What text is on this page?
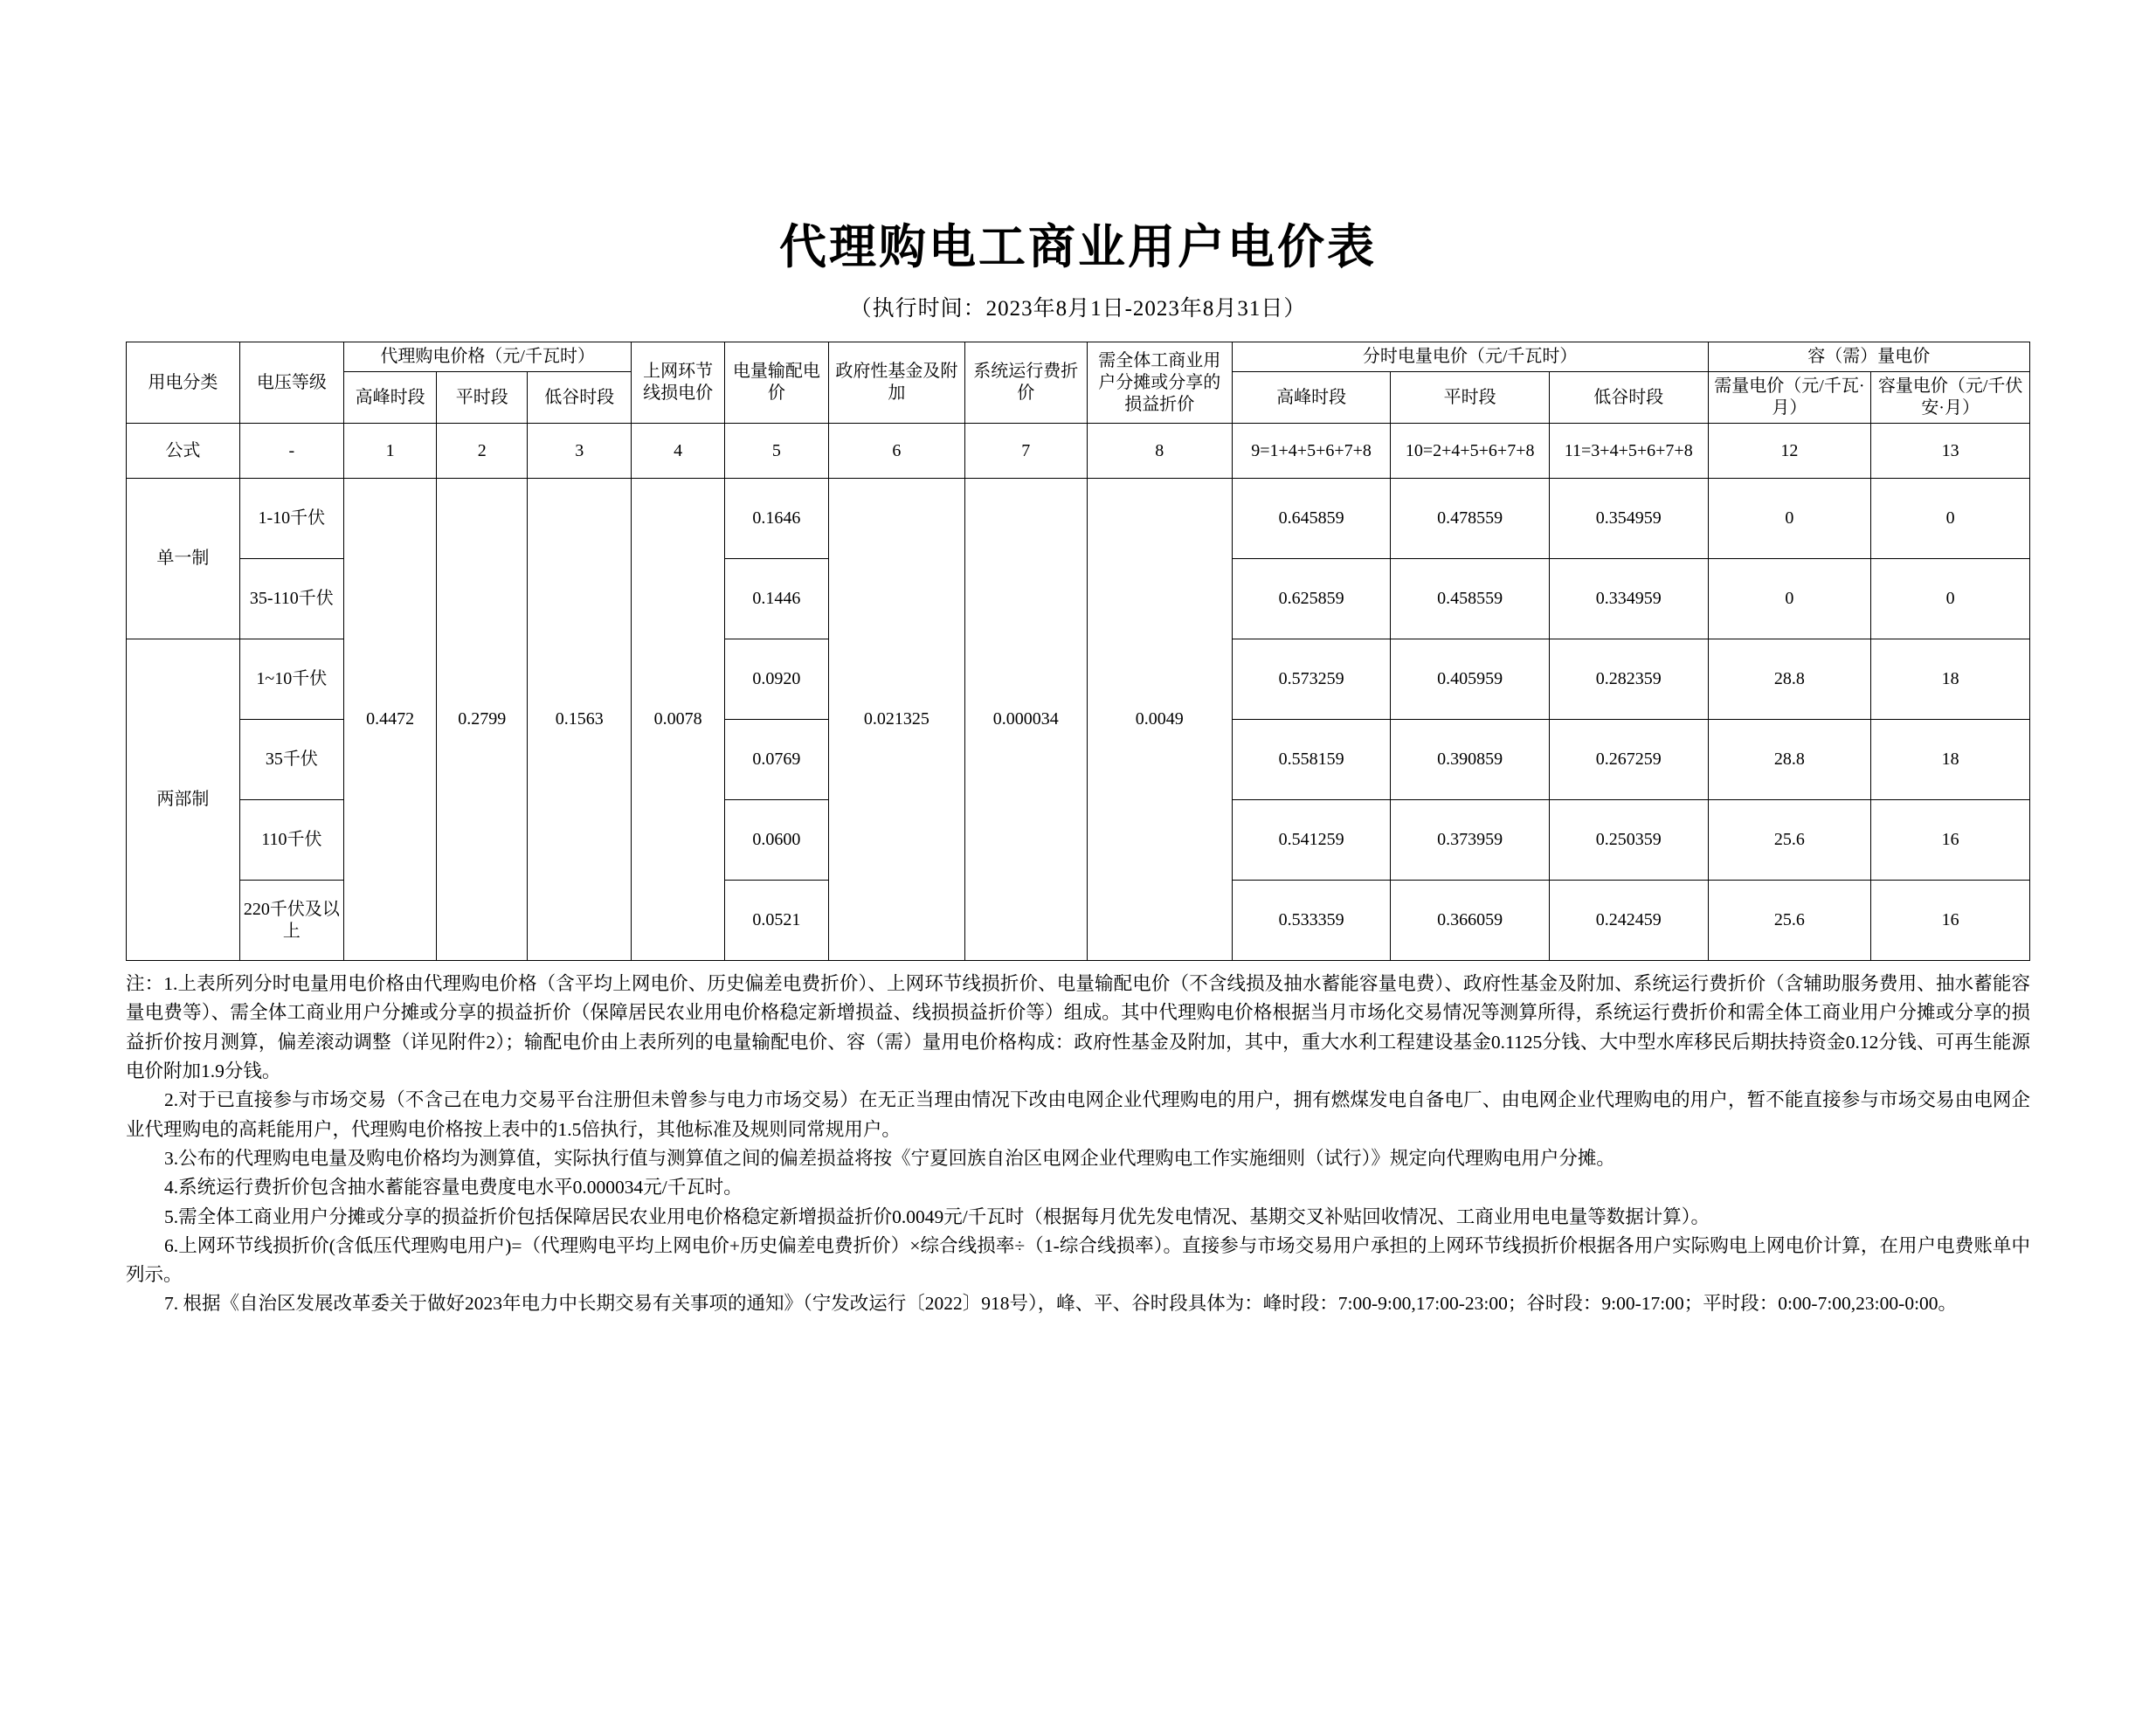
代理购电工商业用户电价表
（执行时间：2023年8月1日-2023年8月31日）
用电分类	电压等级	代理购电价格（元/千瓦时）			上网环节线损电价	电量输配电价	政府性基金及附加	系统运行费折价	需全体工商业用户分摊或分享的损益折价	分时电量电价（元/千瓦时）			容（需）量电价	
		高峰时段	平时段	低谷时段						高峰时段	平时段	低谷时段	需量电价（元/千瓦·月）	容量电价（元/千伏安·月）
公式	-	1	2	3	4	5	6	7	8	9=1+4+5+6+7+8	10=2+4+5+6+7+8	11=3+4+5+6+7+8	12	13
单一制	1-10千伏	0.4472	0.2799	0.1563	0.0078	0.1646	0.021325	0.000034	0.0049	0.645859	0.478559	0.354959	0	0
	35-110千伏					0.1446				0.625859	0.458559	0.334959	0	0
两部制	1~10千伏					0.0920				0.573259	0.405959	0.282359	28.8	18
	35千伏					0.0769				0.558159	0.390859	0.267259	28.8	18
	110千伏					0.0600				0.541259	0.373959	0.250359	25.6	16
	220千伏及以上					0.0521				0.533359	0.366059	0.242459	25.6	16

注：1.上表所列分时电量用电价格由代理购电价格（含平均上网电价、历史偏差电费折价）、上网环节线损折价、电量输配电价（不含线损及抽水蓄能容量电费）、政府性基金及附加、系统运行费折价（含辅助服务费用、抽水蓄能容量电费等）、需全体工商业用户分摊或分享的损益折价（保障居民农业用电价格稳定新增损益、线损损益折价等）组成。其中代理购电价格根据当月市场化交易情况等测算所得，系统运行费折价和需全体工商业用户分摊或分享的损益折价按月测算，偏差滚动调整（详见附件2）；输配电价由上表所列的电量输配电价、容（需）量用电价格构成：政府性基金及附加，其中，重大水利工程建设基金0.1125分钱、大中型水库移民后期扶持资金0.12分钱、可再生能源电价附加1.9分钱。

2.对于已直接参与市场交易（不含己在电力交易平台注册但未曾参与电力市场交易）在无正当理由情况下改由电网企业代理购电的用户，拥有燃煤发电自备电厂、由电网企业代理购电的用户，暂不能直接参与市场交易由电网企业代理购电的高耗能用户，代理购电价格按上表中的1.5倍执行，其他标准及规则同常规用户。

3.公布的代理购电电量及购电价格均为测算值，实际执行值与测算值之间的偏差损益将按《宁夏回族自治区电网企业代理购电工作实施细则（试行）》规定向代理购电用户分摊。

4.系统运行费折价包含抽水蓄能容量电费度电水平0.000034元/千瓦时。

5.需全体工商业用户分摊或分享的损益折价包括保障居民农业用电价格稳定新增损益折价0.0049元/千瓦时（根据每月优先发电情况、基期交叉补贴回收情况、工商业用电电量等数据计算）。

6.上网环节线损折价(含低压代理购电用户)=（代理购电平均上网电价+历史偏差电费折价）×综合线损率÷（1-综合线损率）。直接参与市场交易用户承担的上网环节线损折价根据各用户实际购电上网电价计算，在用户电费账单中列示。

7. 根据《自治区发展改革委关于做好2023年电力中长期交易有关事项的通知》（宁发改运行〔2022〕918号），峰、平、谷时段具体为：峰时段：7:00-9:00,17:00-23:00；谷时段：9:00-17:00；平时段：0:00-7:00,23:00-0:00。
